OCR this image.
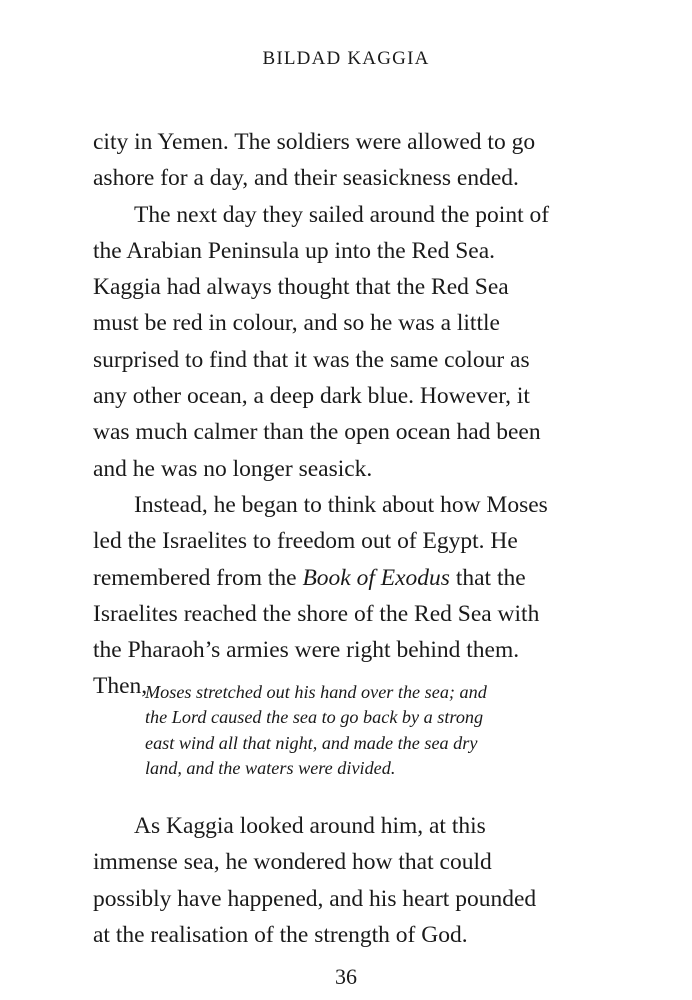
BILDAD KAGGIA
city in Yemen. The soldiers were allowed to go
ashore for a day, and their seasickness ended.
The next day they sailed around the point of
the Arabian Peninsula up into the Red Sea.
Kaggia had always thought that the Red Sea
must be red in colour, and so he was a little
surprised to find that it was the same colour as
any other ocean, a deep dark blue. However, it
was much calmer than the open ocean had been
and he was no longer seasick.
Instead, he began to think about how Moses
led the Israelites to freedom out of Egypt. He
remembered from the Book of Exodus that the
Israelites reached the shore of the Red Sea with
the Pharaoh’s armies were right behind them.
Then,
Moses stretched out his hand over the sea; and
the Lord caused the sea to go back by a strong
east wind all that night, and made the sea dry
land, and the waters were divided.
As Kaggia looked around him, at this
immense sea, he wondered how that could
possibly have happened, and his heart pounded
at the realisation of the strength of God.
36
